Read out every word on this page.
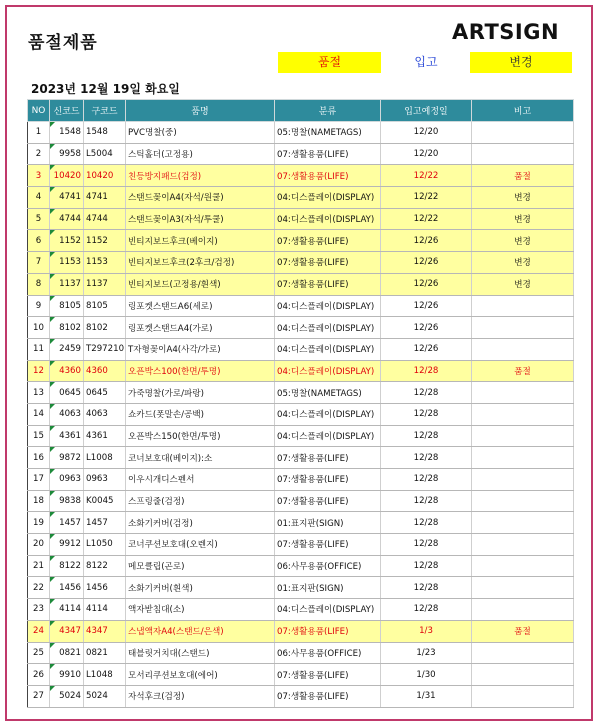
품절제품	ARTSIGN
품절	입고	변경
2023년 12월 19일 화요일
NO	신코드	구코드	품명	분류	입고예정일	비고
1	1548	1548	PVC명찰(중)	05:명찰(NAMETAGS)	12/20	
2	9958	L5004	스틱홀더(고정용)	07:생활용품(LIFE)	12/20	
3	10420	10420	친등방지패드(검정)	07:생활용품(LIFE)	12/22	품절
4	4741	4741	스탠드꽂이A4(자석/원쿨)	04:디스플레이(DISPLAY)	12/22	변경
5	4744	4744	스탠드꽂이A3(자석/투쿨)	04:디스플레이(DISPLAY)	12/22	변경
6	1152	1152	빈티지보드후크(베이지)	07:생활용품(LIFE)	12/26	변경
7	1153	1153	빈티지보드후크(2후크/검정)	07:생활용품(LIFE)	12/26	변경
8	1137	1137	빈티지보드(고정용/흰색)	07:생활용품(LIFE)	12/26	변경
9	8105	8105	링포켓스탠드A6(세로)	04:디스플레이(DISPLAY)	12/26	
10	8102	8102	링포켓스탠드A4(가로)	04:디스플레이(DISPLAY)	12/26	
11	2459	T297210	T자형꽂이A4(사각/가로)	04:디스플레이(DISPLAY)	12/26	
12	4360	4360	오픈박스100(한면/투명)	04:디스플레이(DISPLAY)	12/28	품절
13	0645	0645	가죽명찰(가로/파랑)	05:명찰(NAMETAGS)	12/28	
14	4063	4063	쇼카드(폿말손/공백)	04:디스플레이(DISPLAY)	12/28	
15	4361	4361	오픈박스150(한면/투명)	04:디스플레이(DISPLAY)	12/28	
16	9872	L1008	코너보호대(베이지):소	07:생활용품(LIFE)	12/28	
17	0963	0963	이우시개디스펜서	07:생활용품(LIFE)	12/28	
18	9838	K0045	스프링줄(검정)	07:생활용품(LIFE)	12/28	
19	1457	1457	소화기커버(검정)	01:표지판(SIGN)	12/28	
20	9912	L1050	코너쿠션보호대(오렌지)	07:생활용품(LIFE)	12/28	
21	8122	8122	메모클립(곤로)	06:사무용품(OFFICE)	12/28	
22	1456	1456	소화기커버(흰색)	01:표지판(SIGN)	12/28	
23	4114	4114	액자받침대(소)	04:디스플레이(DISPLAY)	12/28	
24	4347	4347	스냅액자A4(스탠드/은색)	07:생활용품(LIFE)	1/3	품절
25	0821	0821	태블릿거치대(스탠드)	06:사무용품(OFFICE)	1/23	
26	9910	L1048	모서리쿠션보호대(에어)	07:생활용품(LIFE)	1/30	
27	5024	5024	자석후크(검정)	07:생활용품(LIFE)	1/31	
